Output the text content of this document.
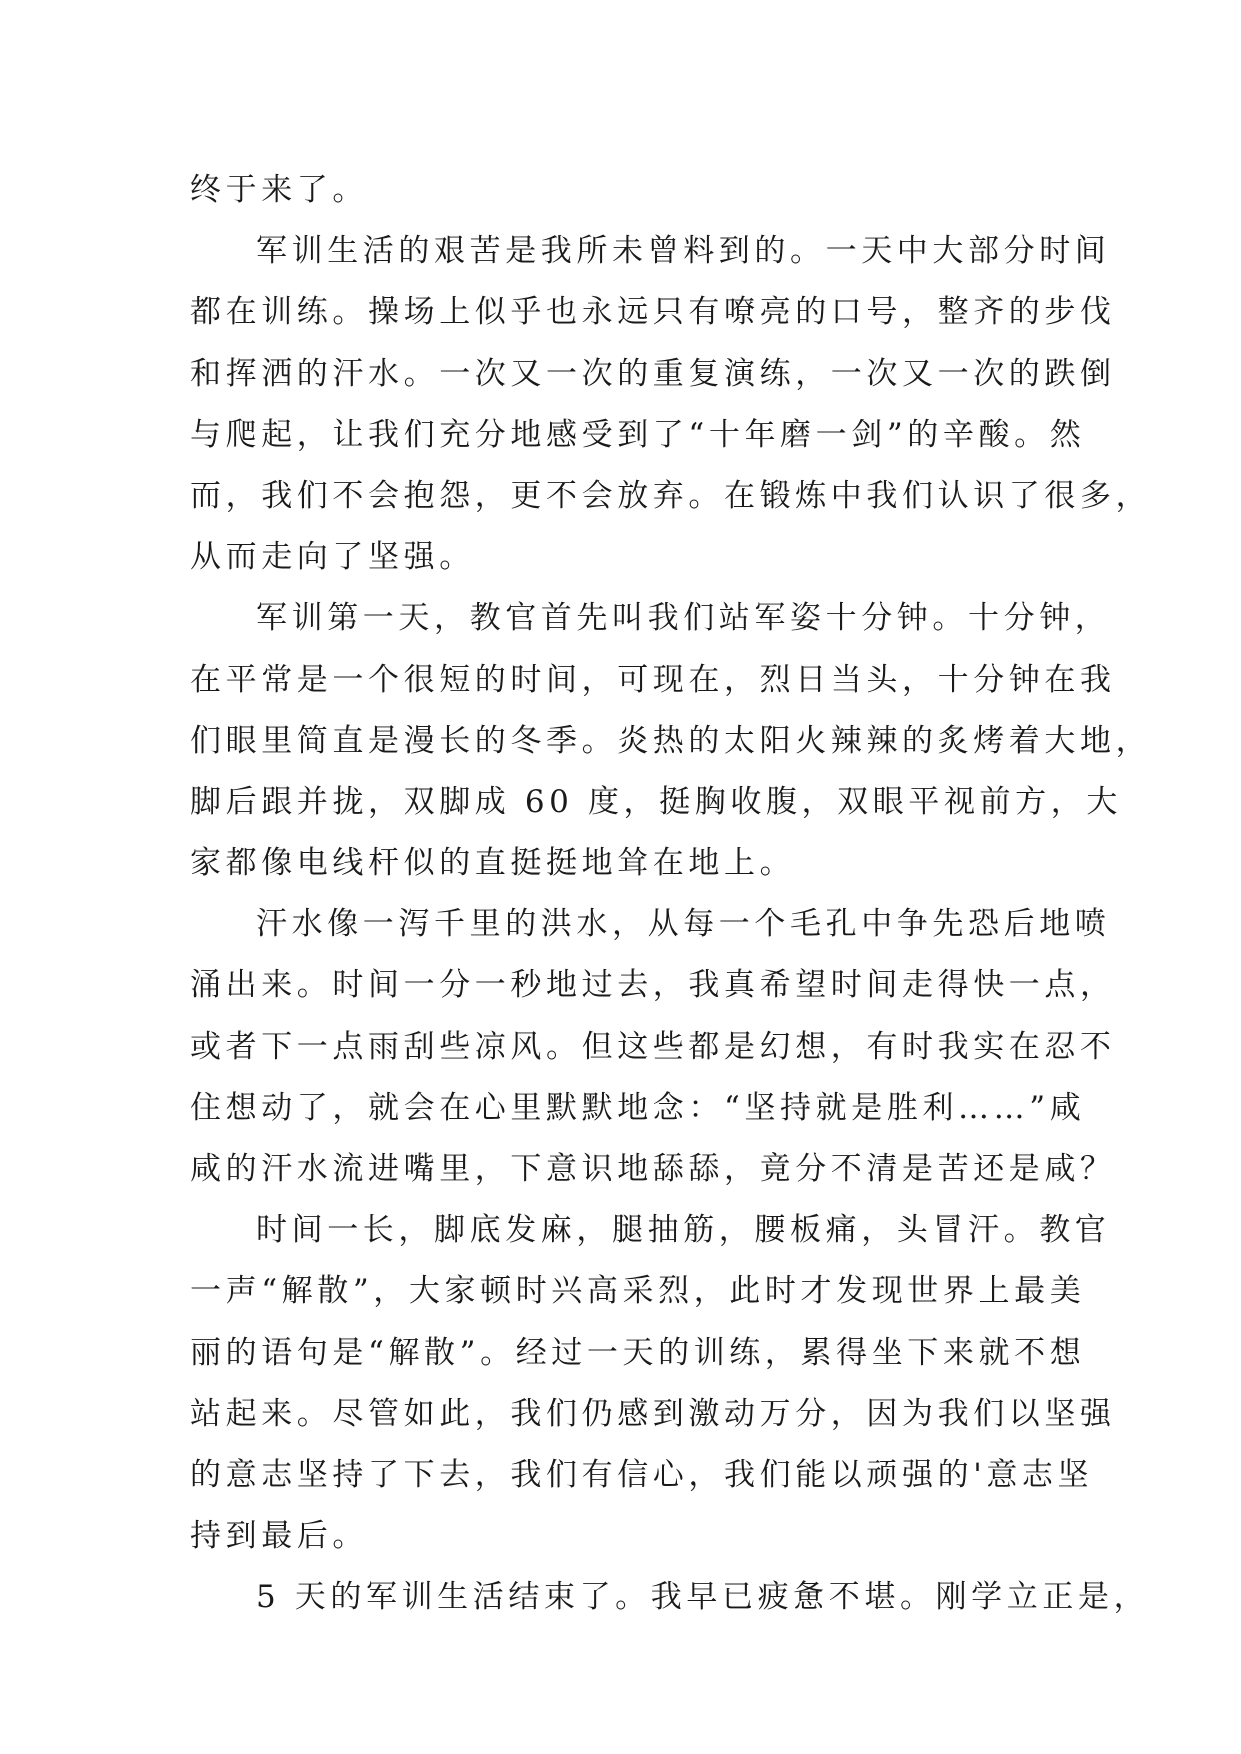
终于来了。
军训生活的艰苦是我所未曾料到的。一天中大部分时间
都在训练。操场上似乎也永远只有嘹亮的口号，整齐的步伐
和挥洒的汗水。一次又一次的重复演练，一次又一次的跌倒
与爬起，让我们充分地感受到了“十年磨一剑”的辛酸。然
而，我们不会抱怨，更不会放弃。在锻炼中我们认识了很多，
从而走向了坚强。
军训第一天，教官首先叫我们站军姿十分钟。十分钟，
在平常是一个很短的时间，可现在，烈日当头，十分钟在我
们眼里简直是漫长的冬季。炎热的太阳火辣辣的炙烤着大地，
脚后跟并拢，双脚成 60 度，挺胸收腹，双眼平视前方，大
家都像电线杆似的直挺挺地耸在地上。
汗水像一泻千里的洪水，从每一个毛孔中争先恐后地喷
涌出来。时间一分一秒地过去，我真希望时间走得快一点，
或者下一点雨刮些凉风。但这些都是幻想，有时我实在忍不
住想动了，就会在心里默默地念：“坚持就是胜利……”咸
咸的汗水流进嘴里，下意识地舔舔，竟分不清是苦还是咸？
时间一长，脚底发麻，腿抽筋，腰板痛，头冒汗。教官
一声“解散”，大家顿时兴高采烈，此时才发现世界上最美
丽的语句是“解散”。经过一天的训练，累得坐下来就不想
站起来。尽管如此，我们仍感到激动万分，因为我们以坚强
的意志坚持了下去，我们有信心，我们能以顽强的'意志坚
持到最后。
5 天的军训生活结束了。我早已疲惫不堪。刚学立正是，
